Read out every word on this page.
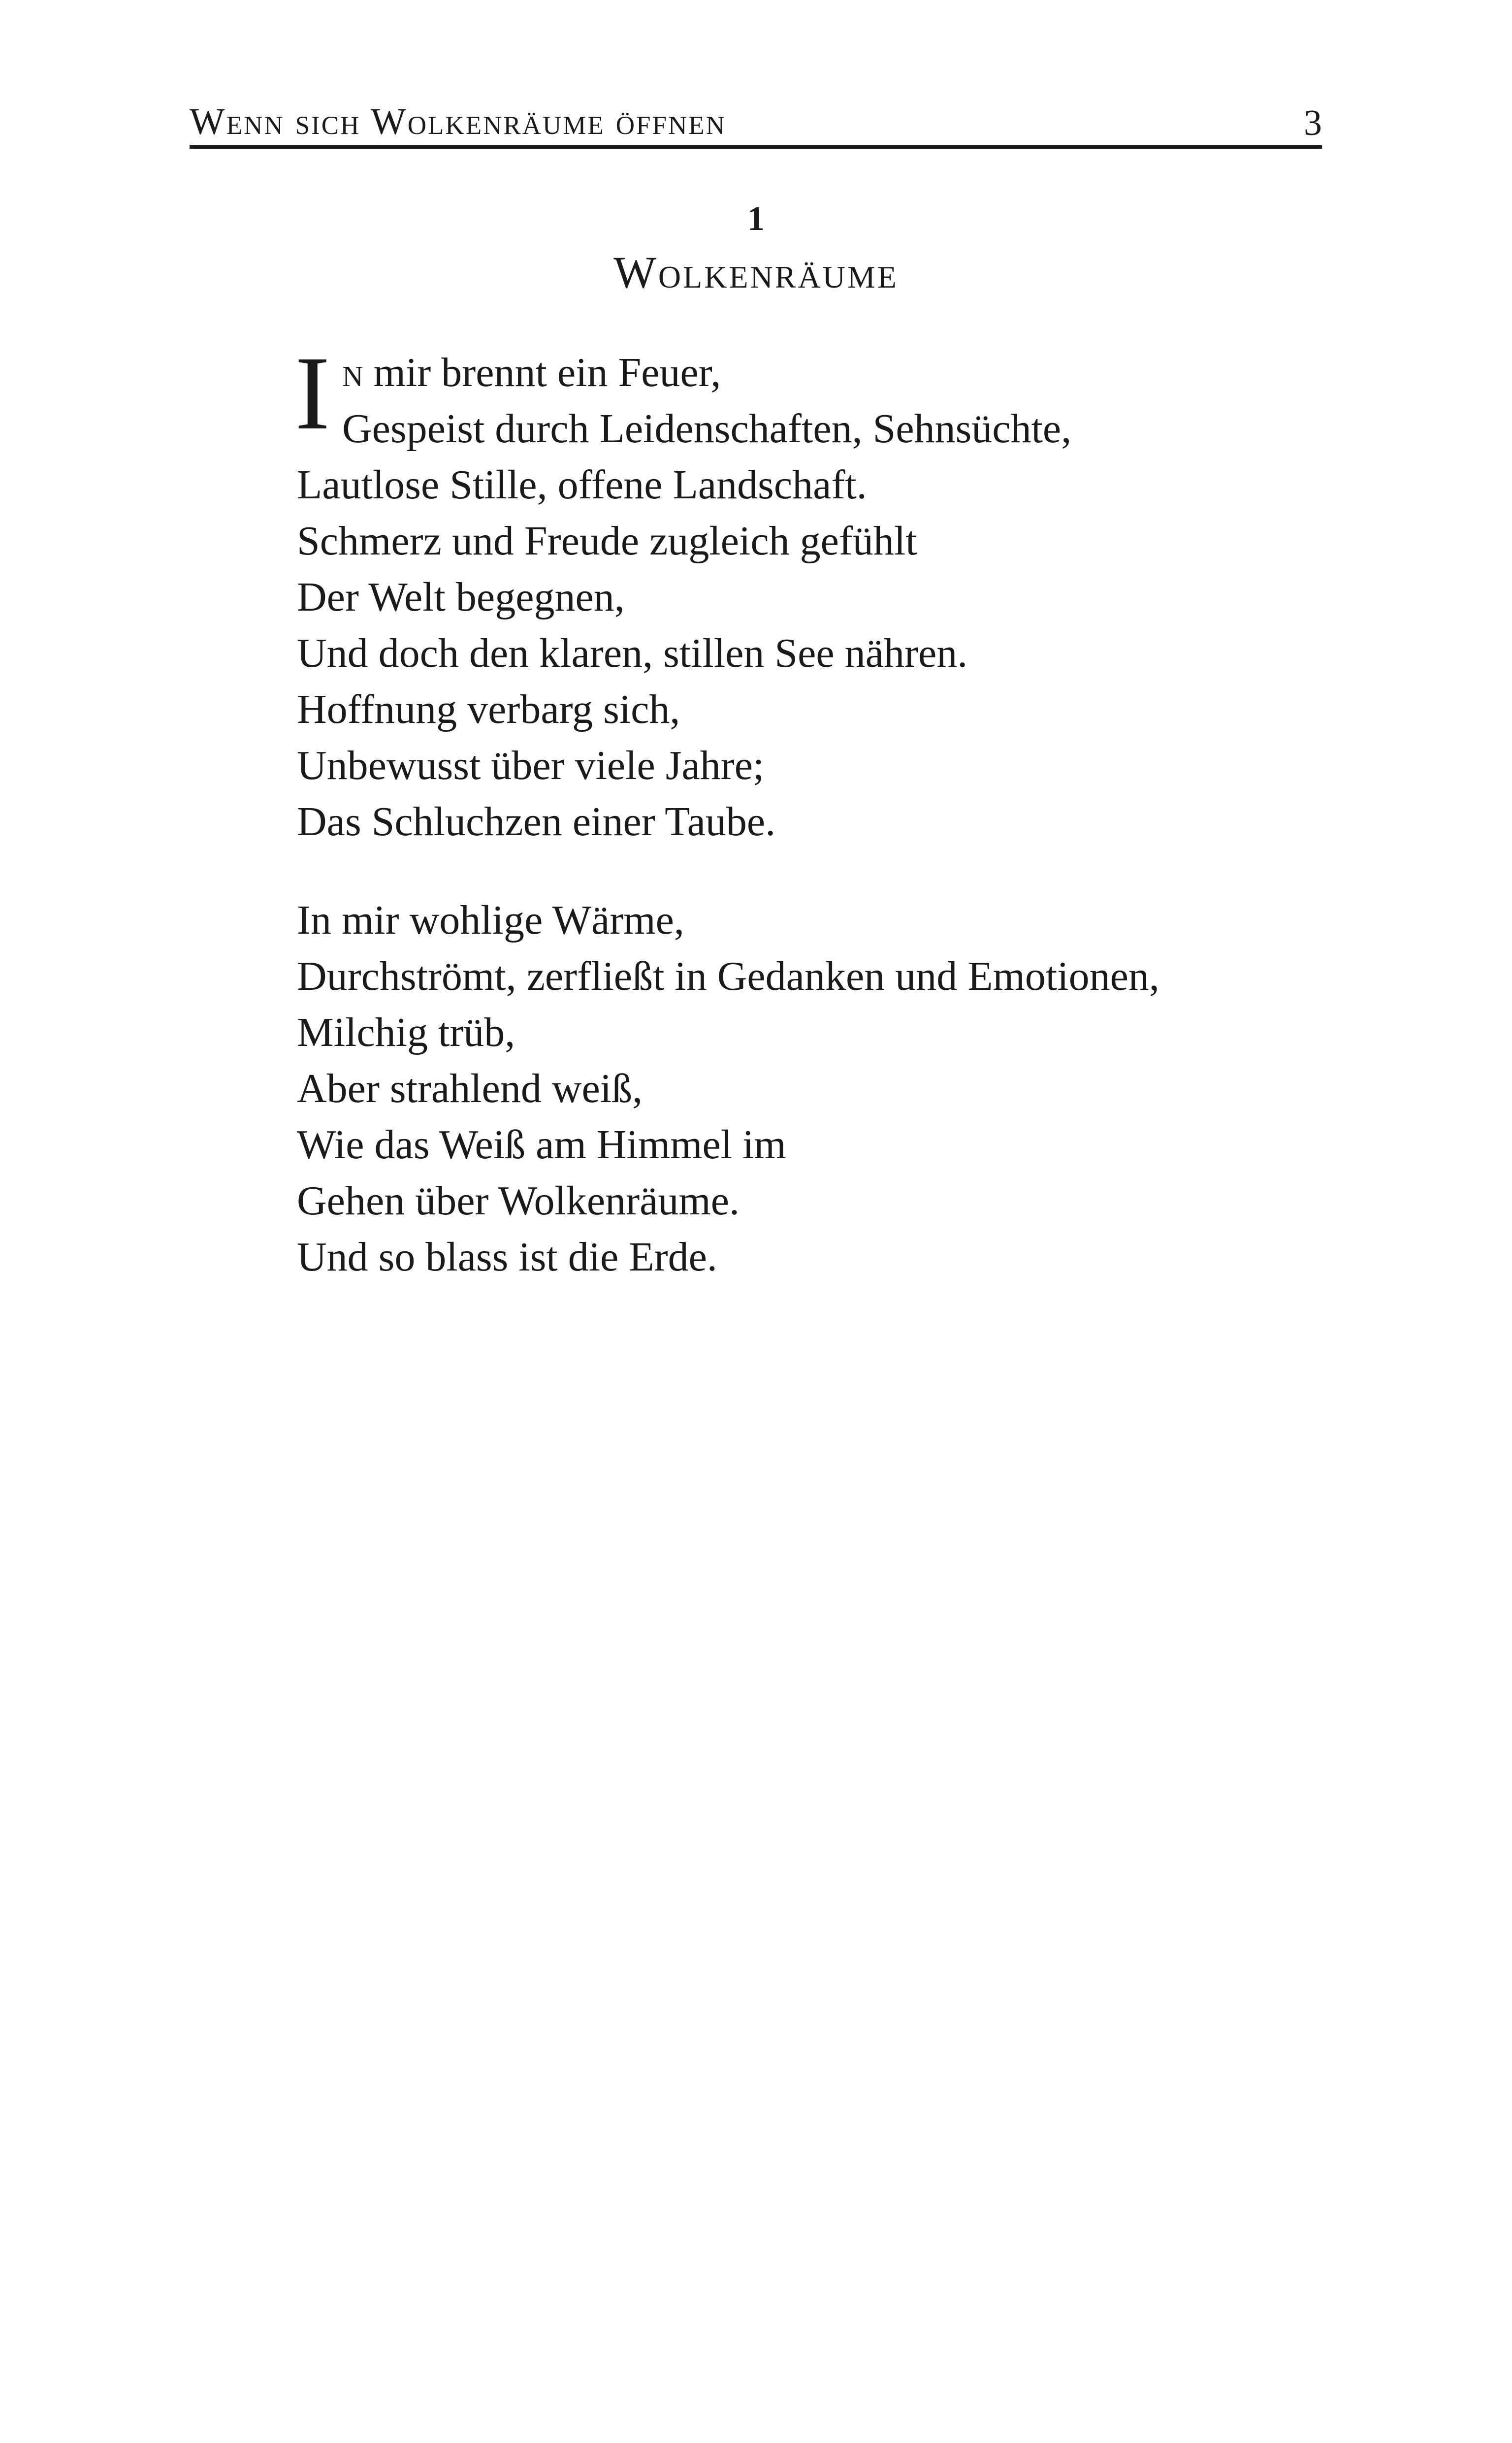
Wenn sich Wolkenräume öffnen	3
1
Wolkenräume
I n mir brennt ein Feuer,
Gespeist durch Leidenschaften, Sehnsüchte,
Lautlose Stille, offene Landschaft.
Schmerz und Freude zugleich gefühlt
Der Welt begegnen,
Und doch den klaren, stillen See nähren.
Hoffnung verbarg sich,
Unbewusst über viele Jahre;
Das Schluchzen einer Taube.
In mir wohlige Wärme,
Durchströmt, zerfließt in Gedanken und Emotionen,
Milchig trüb,
Aber strahlend weiß,
Wie das Weiß am Himmel im
Gehen über Wolkenräume.
Und so blass ist die Erde.
